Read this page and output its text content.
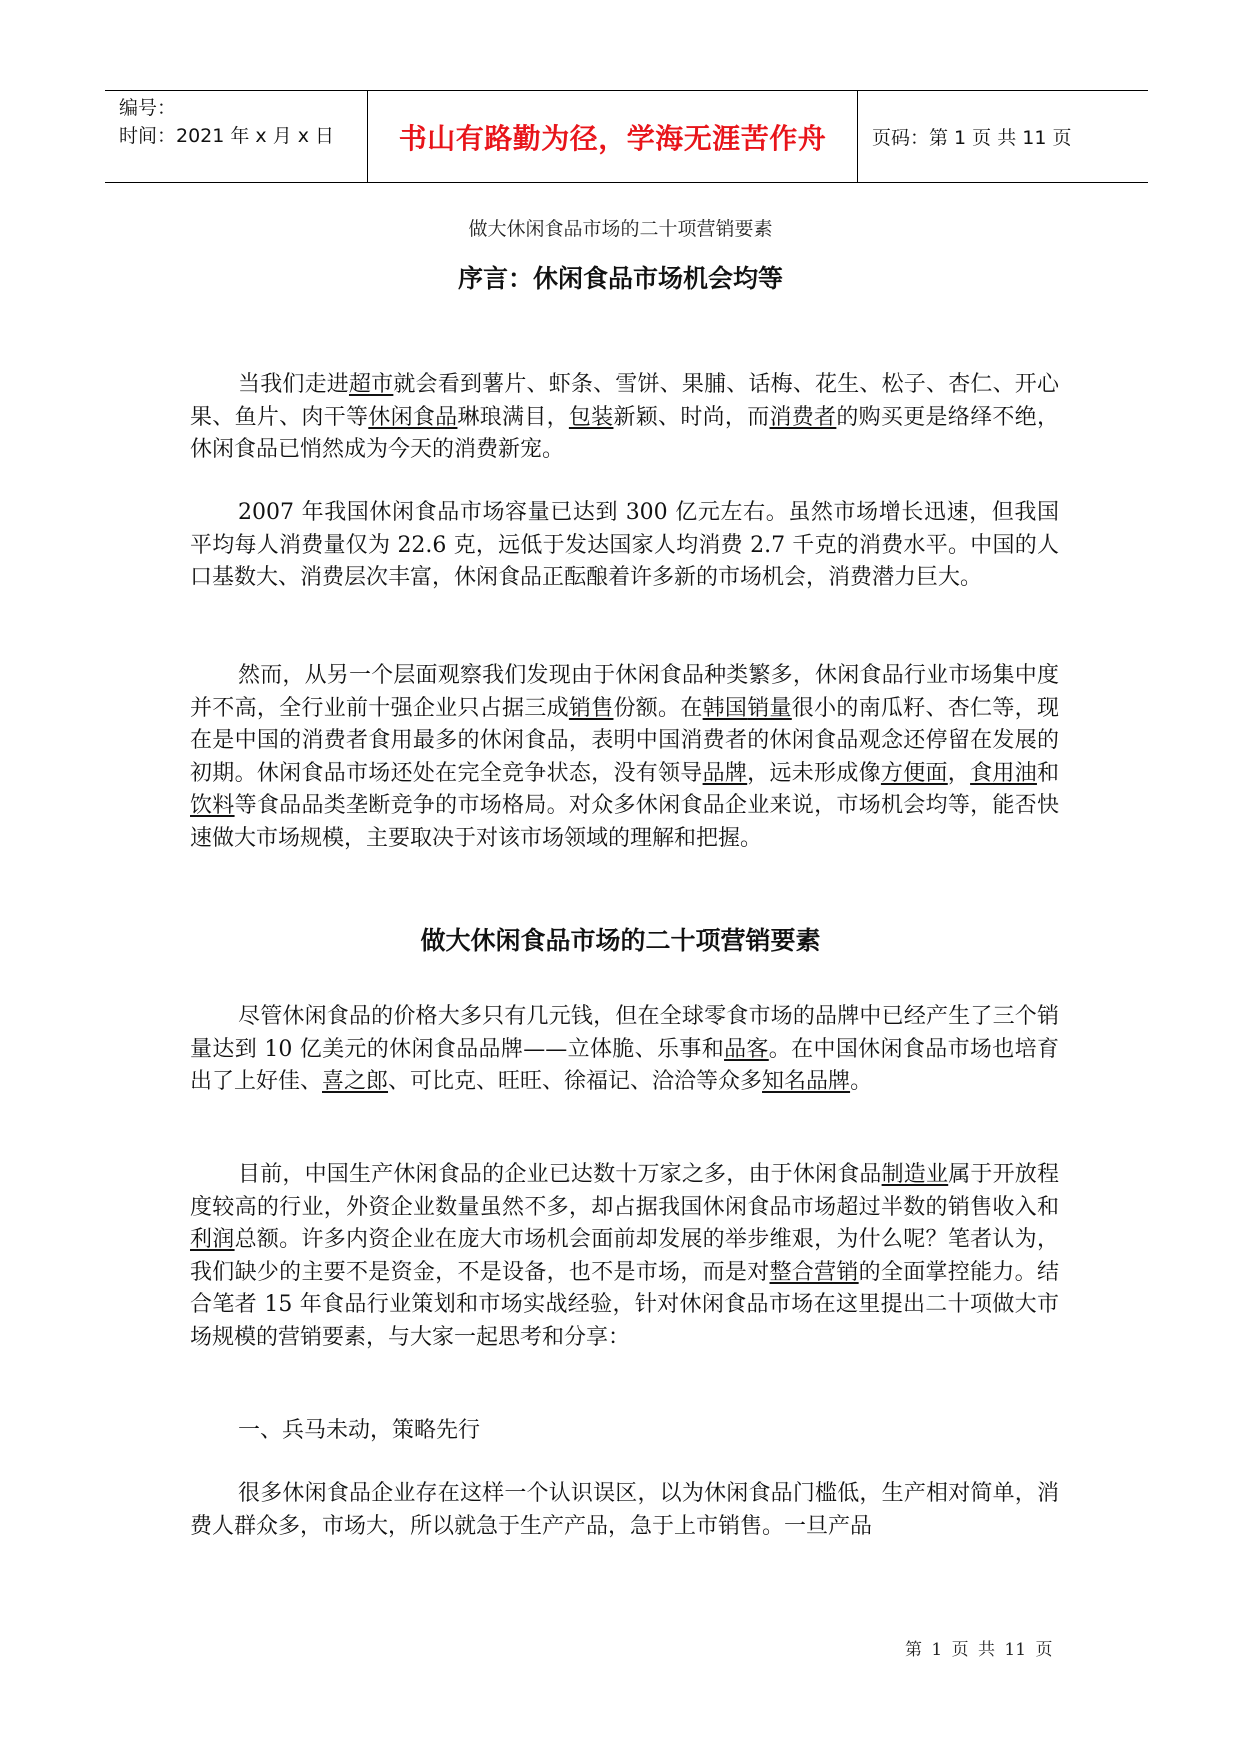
编号：
时间：2021 年 x 月 x 日	书山有路勤为径，学海无涯苦作舟	页码：第 1 页 共 11 页
做大休闲食品市场的二十项营销要素
序言：休闲食品市场机会均等

当我们走进超市就会看到薯片、虾条、雪饼、果脯、话梅、花生、松子、杏仁、开心果、鱼片、肉干等休闲食品琳琅满目，包装新颖、时尚，而消费者的购买更是络绎不绝，休闲食品已悄然成为今天的消费新宠。

2007 年我国休闲食品市场容量已达到 300 亿元左右。虽然市场增长迅速，但我国平均每人消费量仅为 22.6 克，远低于发达国家人均消费 2.7 千克的消费水平。中国的人口基数大、消费层次丰富，休闲食品正酝酿着许多新的市场机会，消费潜力巨大。

然而，从另一个层面观察我们发现由于休闲食品种类繁多，休闲食品行业市场集中度并不高，全行业前十强企业只占据三成销售份额。在韩国销量很小的南瓜籽、杏仁等，现在是中国的消费者食用最多的休闲食品，表明中国消费者的休闲食品观念还停留在发展的初期。休闲食品市场还处在完全竞争状态，没有领导品牌，远未形成像方便面，食用油和饮料等食品品类垄断竞争的市场格局。对众多休闲食品企业来说，市场机会均等，能否快速做大市场规模，主要取决于对该市场领域的理解和把握。

做大休闲食品市场的二十项营销要素

尽管休闲食品的价格大多只有几元钱，但在全球零食市场的品牌中已经产生了三个销量达到 10 亿美元的休闲食品品牌——立体脆、乐事和品客。在中国休闲食品市场也培育出了上好佳、喜之郎、可比克、旺旺、徐福记、洽洽等众多知名品牌。

目前，中国生产休闲食品的企业已达数十万家之多，由于休闲食品制造业属于开放程度较高的行业，外资企业数量虽然不多，却占据我国休闲食品市场超过半数的销售收入和利润总额。许多内资企业在庞大市场机会面前却发展的举步维艰，为什么呢？笔者认为，我们缺少的主要不是资金，不是设备，也不是市场，而是对整合营销的全面掌控能力。结合笔者 15 年食品行业策划和市场实战经验，针对休闲食品市场在这里提出二十项做大市场规模的营销要素，与大家一起思考和分享：

一、兵马未动，策略先行

很多休闲食品企业存在这样一个认识误区，以为休闲食品门槛低，生产相对简单，消费人群众多，市场大，所以就急于生产产品，急于上市销售。一旦产品

第 1 页 共 11 页
